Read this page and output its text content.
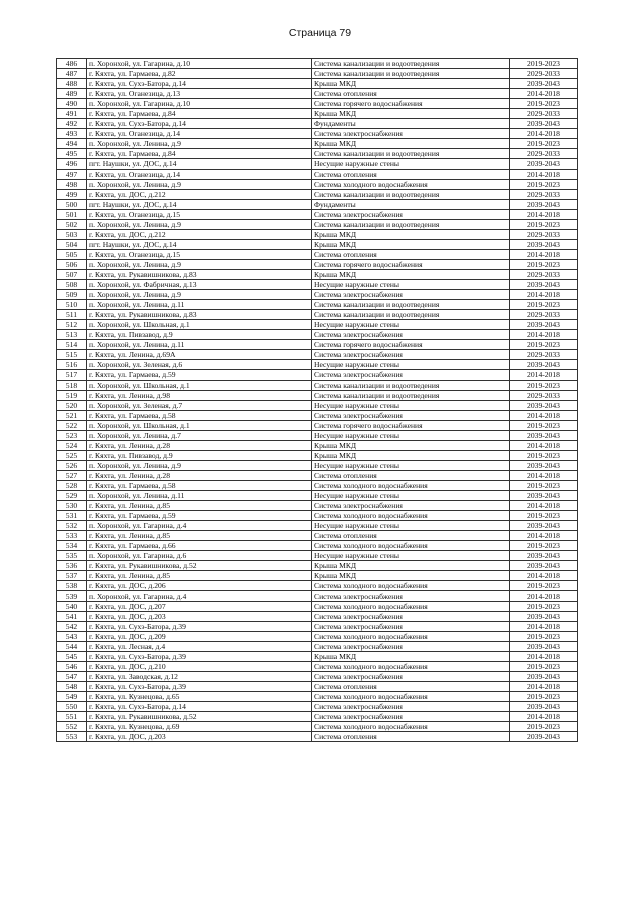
Страница 79
486	п. Хоронхой, ул. Гагарина, д.10	Система канализации и водоотведения	2019-2023
487	г. Кяхта, ул. Гармаева, д.82	Система канализации и водоотведения	2029-2033
488	г. Кяхта, ул. Сухэ-Батора, д.14	Крыша МКД	2039-2043
489	г. Кяхта, ул. Оганезица, д.13	Система отопления	2014-2018
490	п. Хоронхой, ул. Гагарина, д.10	Система горячего водоснабжения	2019-2023
491	г. Кяхта, ул. Гармаева, д.84	Крыша МКД	2029-2033
492	г. Кяхта, ул. Сухэ-Батора, д.14	Фундаменты	2039-2043
493	г. Кяхта, ул. Оганезица, д.14	Система электроснабжения	2014-2018
494	п. Хоронхой, ул. Ленина, д.9	Крыша МКД	2019-2023
495	г. Кяхта, ул. Гармаева, д.84	Система канализации и водоотведения	2029-2033
496	пгт. Наушки, ул. ДОС, д.14	Несущие наружные стены	2039-2043
497	г. Кяхта, ул. Оганезица, д.14	Система отопления	2014-2018
498	п. Хоронхой, ул. Ленина, д.9	Система холодного водоснабжения	2019-2023
499	г. Кяхта, ул. ДОС, д.212	Система канализации и водоотведения	2029-2033
500	пгт. Наушки, ул. ДОС, д.14	Фундаменты	2039-2043
501	г. Кяхта, ул. Оганезица, д.15	Система электроснабжения	2014-2018
502	п. Хоронхой, ул. Ленина, д.9	Система канализации и водоотведения	2019-2023
503	г. Кяхта, ул. ДОС, д.212	Крыша МКД	2029-2033
504	пгт. Наушки, ул. ДОС, д.14	Крыша МКД	2039-2043
505	г. Кяхта, ул. Оганезица, д.15	Система отопления	2014-2018
506	п. Хоронхой, ул. Ленина, д.9	Система горячего водоснабжения	2019-2023
507	г. Кяхта, ул. Рукавишникова, д.83	Крыша МКД	2029-2033
508	п. Хоронхой, ул. Фабричная, д.13	Несущие наружные стены	2039-2043
509	п. Хоронхой, ул. Ленина, д.9	Система электроснабжения	2014-2018
510	п. Хоронхой, ул. Ленина, д.11	Система канализации и водоотведения	2019-2023
511	г. Кяхта, ул. Рукавишникова, д.83	Система канализации и водоотведения	2029-2033
512	п. Хоронхой, ул. Школьная, д.1	Несущие наружные стены	2039-2043
513	г. Кяхта, ул. Пивзавод, д.9	Система электроснабжения	2014-2018
514	п. Хоронхой, ул. Ленина, д.11	Система горячего водоснабжения	2019-2023
515	г. Кяхта, ул. Ленина, д.69А	Система электроснабжения	2029-2033
516	п. Хоронхой, ул. Зеленая, д.6	Несущие наружные стены	2039-2043
517	г. Кяхта, ул. Гармаева, д.59	Система электроснабжения	2014-2018
518	п. Хоронхой, ул. Школьная, д.1	Система канализации и водоотведения	2019-2023
519	г. Кяхта, ул. Ленина, д.98	Система канализации и водоотведения	2029-2033
520	п. Хоронхой, ул. Зеленая, д.7	Несущие наружные стены	2039-2043
521	г. Кяхта, ул. Гармаева, д.58	Система электроснабжения	2014-2018
522	п. Хоронхой, ул. Школьная, д.1	Система горячего водоснабжения	2019-2023
523	п. Хоронхой, ул. Ленина, д.7	Несущие наружные стены	2039-2043
524	г. Кяхта, ул. Ленина, д.28	Крыша МКД	2014-2018
525	г. Кяхта, ул. Пивзавод, д.9	Крыша МКД	2019-2023
526	п. Хоронхой, ул. Ленина, д.9	Несущие наружные стены	2039-2043
527	г. Кяхта, ул. Ленина, д.28	Система отопления	2014-2018
528	г. Кяхта, ул. Гармаева, д.58	Система холодного водоснабжения	2019-2023
529	п. Хоронхой, ул. Ленина, д.11	Несущие наружные стены	2039-2043
530	г. Кяхта, ул. Ленина, д.85	Система электроснабжения	2014-2018
531	г. Кяхта, ул. Гармаева, д.59	Система холодного водоснабжения	2019-2023
532	п. Хоронхой, ул. Гагарина, д.4	Несущие наружные стены	2039-2043
533	г. Кяхта, ул. Ленина, д.85	Система отопления	2014-2018
534	г. Кяхта, ул. Гармаева, д.66	Система холодного водоснабжения	2019-2023
535	п. Хоронхой, ул. Гагарина, д.6	Несущие наружные стены	2039-2043
536	г. Кяхта, ул. Рукавишникова, д.52	Крыша МКД	2039-2043
537	г. Кяхта, ул. Ленина, д.85	Крыша МКД	2014-2018
538	г. Кяхта, ул. ДОС, д.206	Система холодного водоснабжения	2019-2023
539	п. Хоронхой, ул. Гагарина, д.4	Система электроснабжения	2014-2018
540	г. Кяхта, ул. ДОС, д.207	Система холодного водоснабжения	2019-2023
541	г. Кяхта, ул. ДОС, д.203	Система электроснабжения	2039-2043
542	г. Кяхта, ул. Сухэ-Батора, д.39	Система электроснабжения	2014-2018
543	г. Кяхта, ул. ДОС, д.209	Система холодного водоснабжения	2019-2023
544	г. Кяхта, ул. Лесная, д.4	Система электроснабжения	2039-2043
545	г. Кяхта, ул. Сухэ-Батора, д.39	Крыша МКД	2014-2018
546	г. Кяхта, ул. ДОС, д.210	Система холодного водоснабжения	2019-2023
547	г. Кяхта, ул. Заводская, д.12	Система электроснабжения	2039-2043
548	г. Кяхта, ул. Сухэ-Батора, д.39	Система отопления	2014-2018
549	г. Кяхта, ул. Кузнецова, д.65	Система холодного водоснабжения	2019-2023
550	г. Кяхта, ул. Сухэ-Батора, д.14	Система электроснабжения	2039-2043
551	г. Кяхта, ул. Рукавишникова, д.52	Система электроснабжения	2014-2018
552	г. Кяхта, ул. Кузнецова, д.69	Система холодного водоснабжения	2019-2023
553	г. Кяхта, ул. ДОС, д.203	Система отопления	2039-2043
